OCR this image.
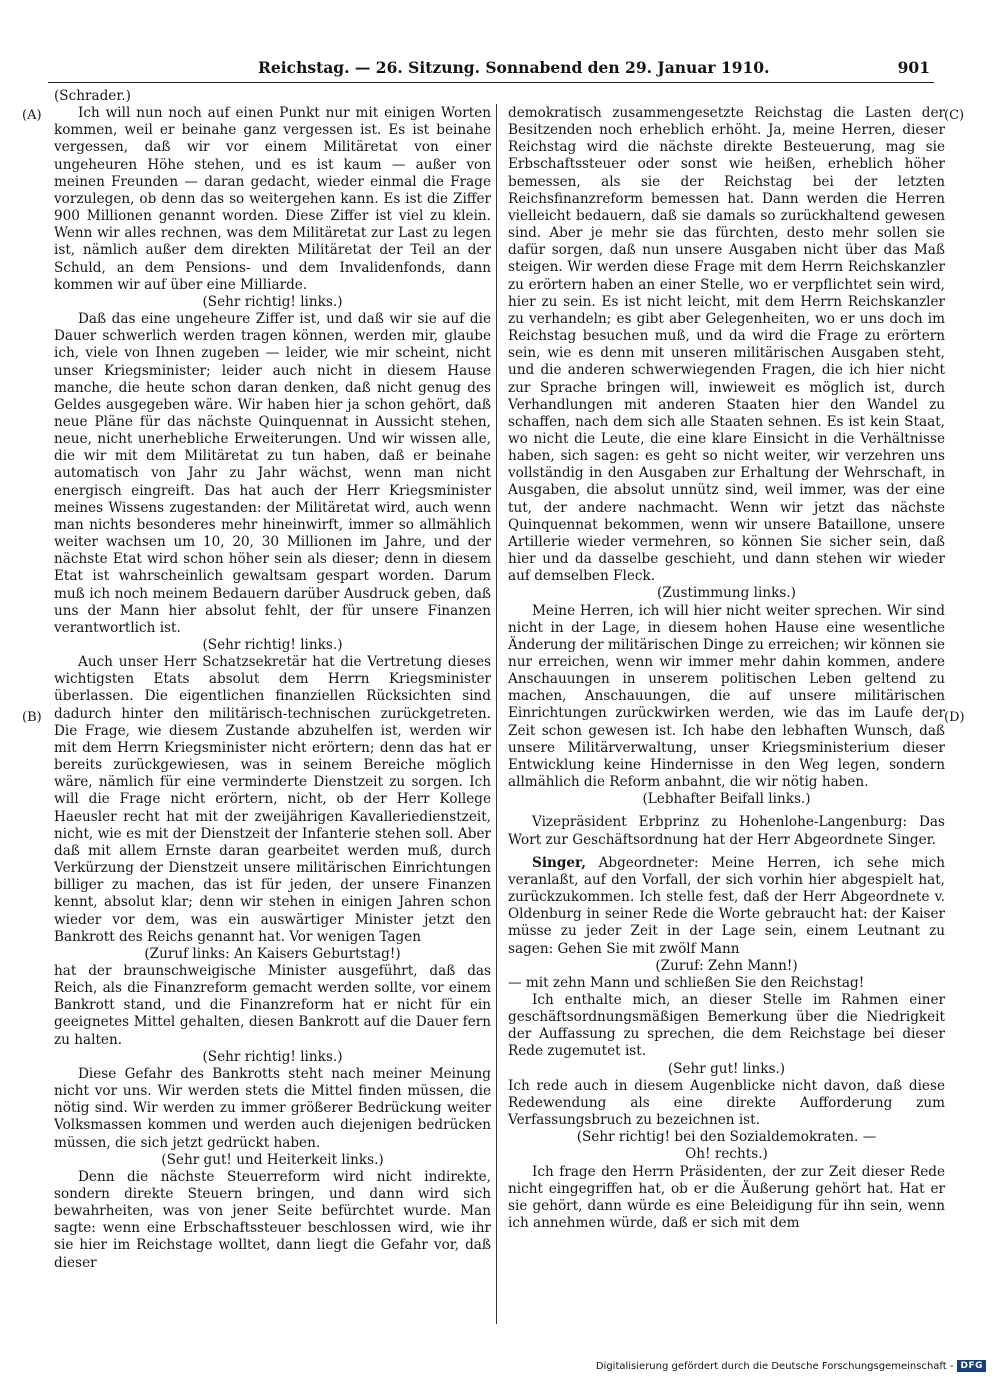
Reichstag. — 26. Sitzung. Sonnabend den 29. Januar 1910.	901
(A)
(B)
(C)
(D)

(Schrader.)

Ich will nun noch auf einen Punkt nur mit einigen Worten kommen, weil er beinahe ganz vergessen ist. Es ist beinahe vergessen, daß wir vor einem Militäretat von einer ungeheuren Höhe stehen, und es ist kaum — außer von meinen Freunden — daran gedacht, wieder einmal die Frage vorzulegen, ob denn das so weitergehen kann. Es ist die Ziffer 900 Millionen genannt worden. Diese Ziffer ist viel zu klein. Wenn wir alles rechnen, was dem Militäretat zur Last zu legen ist, nämlich außer dem direkten Militäretat der Teil an der Schuld, an dem Pensions- und dem Invalidenfonds, dann kommen wir auf über eine Milliarde.

(Sehr richtig! links.)

Daß das eine ungeheure Ziffer ist, und daß wir sie auf die Dauer schwerlich werden tragen können, werden mir, glaube ich, viele von Ihnen zugeben — leider, wie mir scheint, nicht unser Kriegsminister; leider auch nicht in diesem Hause manche, die heute schon daran denken, daß nicht genug des Geldes ausgegeben wäre. Wir haben hier ja schon gehört, daß neue Pläne für das nächste Quinquennat in Aussicht stehen, neue, nicht unerhebliche Erweiterungen. Und wir wissen alle, die wir mit dem Militäretat zu tun haben, daß er beinahe automatisch von Jahr zu Jahr wächst, wenn man nicht energisch eingreift. Das hat auch der Herr Kriegsminister meines Wissens zugestanden: der Militäretat wird, auch wenn man nichts besonderes mehr hineinwirft, immer so allmählich weiter wachsen um 10, 20, 30 Millionen im Jahre, und der nächste Etat wird schon höher sein als dieser; denn in diesem Etat ist wahrscheinlich gewaltsam gespart worden. Darum muß ich noch meinem Bedauern darüber Ausdruck geben, daß uns der Mann hier absolut fehlt, der für unsere Finanzen verantwortlich ist.

(Sehr richtig! links.)

Auch unser Herr Schatzsekretär hat die Vertretung dieses wichtigsten Etats absolut dem Herrn Kriegsminister überlassen. Die eigentlichen finanziellen Rücksichten sind dadurch hinter den militärisch-technischen zurückgetreten. Die Frage, wie diesem Zustande abzuhelfen ist, werden wir mit dem Herrn Kriegsminister nicht erörtern; denn das hat er bereits zurückgewiesen, was in seinem Bereiche möglich wäre, nämlich für eine verminderte Dienstzeit zu sorgen. Ich will die Frage nicht erörtern, nicht, ob der Herr Kollege Haeusler recht hat mit der zweijährigen Kavalleriedienstzeit, nicht, wie es mit der Dienstzeit der Infanterie stehen soll. Aber daß mit allem Ernste daran gearbeitet werden muß, durch Verkürzung der Dienstzeit unsere militärischen Einrichtungen billiger zu machen, das ist für jeden, der unsere Finanzen kennt, absolut klar; denn wir stehen in einigen Jahren schon wieder vor dem, was ein auswärtiger Minister jetzt den Bankrott des Reichs genannt hat. Vor wenigen Tagen

(Zuruf links: An Kaisers Geburtstag!)

hat der braunschweigische Minister ausgeführt, daß das Reich, als die Finanzreform gemacht werden sollte, vor einem Bankrott stand, und die Finanzreform hat er nicht für ein geeignetes Mittel gehalten, diesen Bankrott auf die Dauer fern zu halten.

(Sehr richtig! links.)

Diese Gefahr des Bankrotts steht nach meiner Meinung nicht vor uns. Wir werden stets die Mittel finden müssen, die nötig sind. Wir werden zu immer größerer Bedrückung weiter Volksmassen kommen und werden auch diejenigen bedrücken müssen, die sich jetzt gedrückt haben.

(Sehr gut! und Heiterkeit links.)

Denn die nächste Steuerreform wird nicht indirekte, sondern direkte Steuern bringen, und dann wird sich bewahrheiten, was von jener Seite befürchtet wurde. Man sagte: wenn eine Erbschaftssteuer beschlossen wird, wie ihr sie hier im Reichstage wolltet, dann liegt die Gefahr vor, daß dieser

demokratisch zusammengesetzte Reichstag die Lasten der Besitzenden noch erheblich erhöht. Ja, meine Herren, dieser Reichstag wird die nächste direkte Besteuerung, mag sie Erbschaftssteuer oder sonst wie heißen, erheblich höher bemessen, als sie der Reichstag bei der letzten Reichsfinanzreform bemessen hat. Dann werden die Herren vielleicht bedauern, daß sie damals so zurückhaltend gewesen sind. Aber je mehr sie das fürchten, desto mehr sollen sie dafür sorgen, daß nun unsere Ausgaben nicht über das Maß steigen. Wir werden diese Frage mit dem Herrn Reichskanzler zu erörtern haben an einer Stelle, wo er verpflichtet sein wird, hier zu sein. Es ist nicht leicht, mit dem Herrn Reichskanzler zu verhandeln; es gibt aber Gelegenheiten, wo er uns doch im Reichstag besuchen muß, und da wird die Frage zu erörtern sein, wie es denn mit unseren militärischen Ausgaben steht, und die anderen schwerwiegenden Fragen, die ich hier nicht zur Sprache bringen will, inwieweit es möglich ist, durch Verhandlungen mit anderen Staaten hier den Wandel zu schaffen, nach dem sich alle Staaten sehnen. Es ist kein Staat, wo nicht die Leute, die eine klare Einsicht in die Verhältnisse haben, sich sagen: es geht so nicht weiter, wir verzehren uns vollständig in den Ausgaben zur Erhaltung der Wehrschaft, in Ausgaben, die absolut unnütz sind, weil immer, was der eine tut, der andere nachmacht. Wenn wir jetzt das nächste Quinquennat bekommen, wenn wir unsere Bataillone, unsere Artillerie wieder vermehren, so können Sie sicher sein, daß hier und da dasselbe geschieht, und dann stehen wir wieder auf demselben Fleck.

(Zustimmung links.)

Meine Herren, ich will hier nicht weiter sprechen. Wir sind nicht in der Lage, in diesem hohen Hause eine wesentliche Änderung der militärischen Dinge zu erreichen; wir können sie nur erreichen, wenn wir immer mehr dahin kommen, andere Anschauungen in unserem politischen Leben geltend zu machen, Anschauungen, die auf unsere militärischen Einrichtungen zurückwirken werden, wie das im Laufe der Zeit schon gewesen ist. Ich habe den lebhaften Wunsch, daß unsere Militärverwaltung, unser Kriegsministerium dieser Entwicklung keine Hindernisse in den Weg legen, sondern allmählich die Reform anbahnt, die wir nötig haben.

(Lebhafter Beifall links.)

Vizepräsident Erbprinz zu Hohenlohe-Langenburg: Das Wort zur Geschäftsordnung hat der Herr Abgeordnete Singer.

Singer, Abgeordneter: Meine Herren, ich sehe mich veranlaßt, auf den Vorfall, der sich vorhin hier abgespielt hat, zurückzukommen. Ich stelle fest, daß der Herr Abgeordnete v. Oldenburg in seiner Rede die Worte gebraucht hat: der Kaiser müsse zu jeder Zeit in der Lage sein, einem Leutnant zu sagen: Gehen Sie mit zwölf Mann

(Zuruf: Zehn Mann!)

— mit zehn Mann und schließen Sie den Reichstag!

Ich enthalte mich, an dieser Stelle im Rahmen einer geschäftsordnungsmäßigen Bemerkung über die Niedrigkeit der Auffassung zu sprechen, die dem Reichstage bei dieser Rede zugemutet ist.

(Sehr gut! links.)

Ich rede auch in diesem Augenblicke nicht davon, daß diese Redewendung als eine direkte Aufforderung zum Verfassungsbruch zu bezeichnen ist.

(Sehr richtig! bei den Sozialdemokraten. —

Oh! rechts.)

Ich frage den Herrn Präsidenten, der zur Zeit dieser Rede nicht eingegriffen hat, ob er die Äußerung gehört hat. Hat er sie gehört, dann würde es eine Beleidigung für ihn sein, wenn ich annehmen würde, daß er sich mit dem

Digitalisierung gefördert durch die Deutsche Forschungsgemeinschaft - DFG
